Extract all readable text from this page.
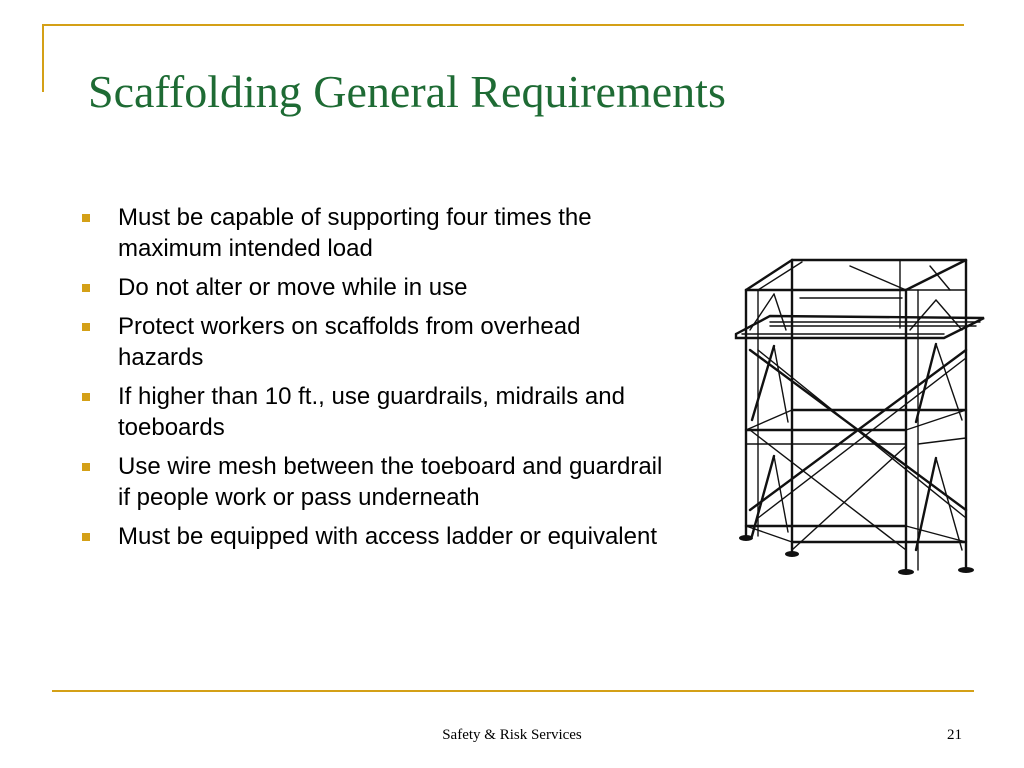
Scaffolding General Requirements
Must be capable of supporting four times the maximum intended load
Do not alter or move while in use
Protect workers on scaffolds from overhead hazards
If higher than 10 ft., use guardrails, midrails and toeboards
Use wire mesh between the toeboard and guardrail if people work or pass underneath
Must be equipped with access ladder or equivalent
Safety & Risk Services	21
